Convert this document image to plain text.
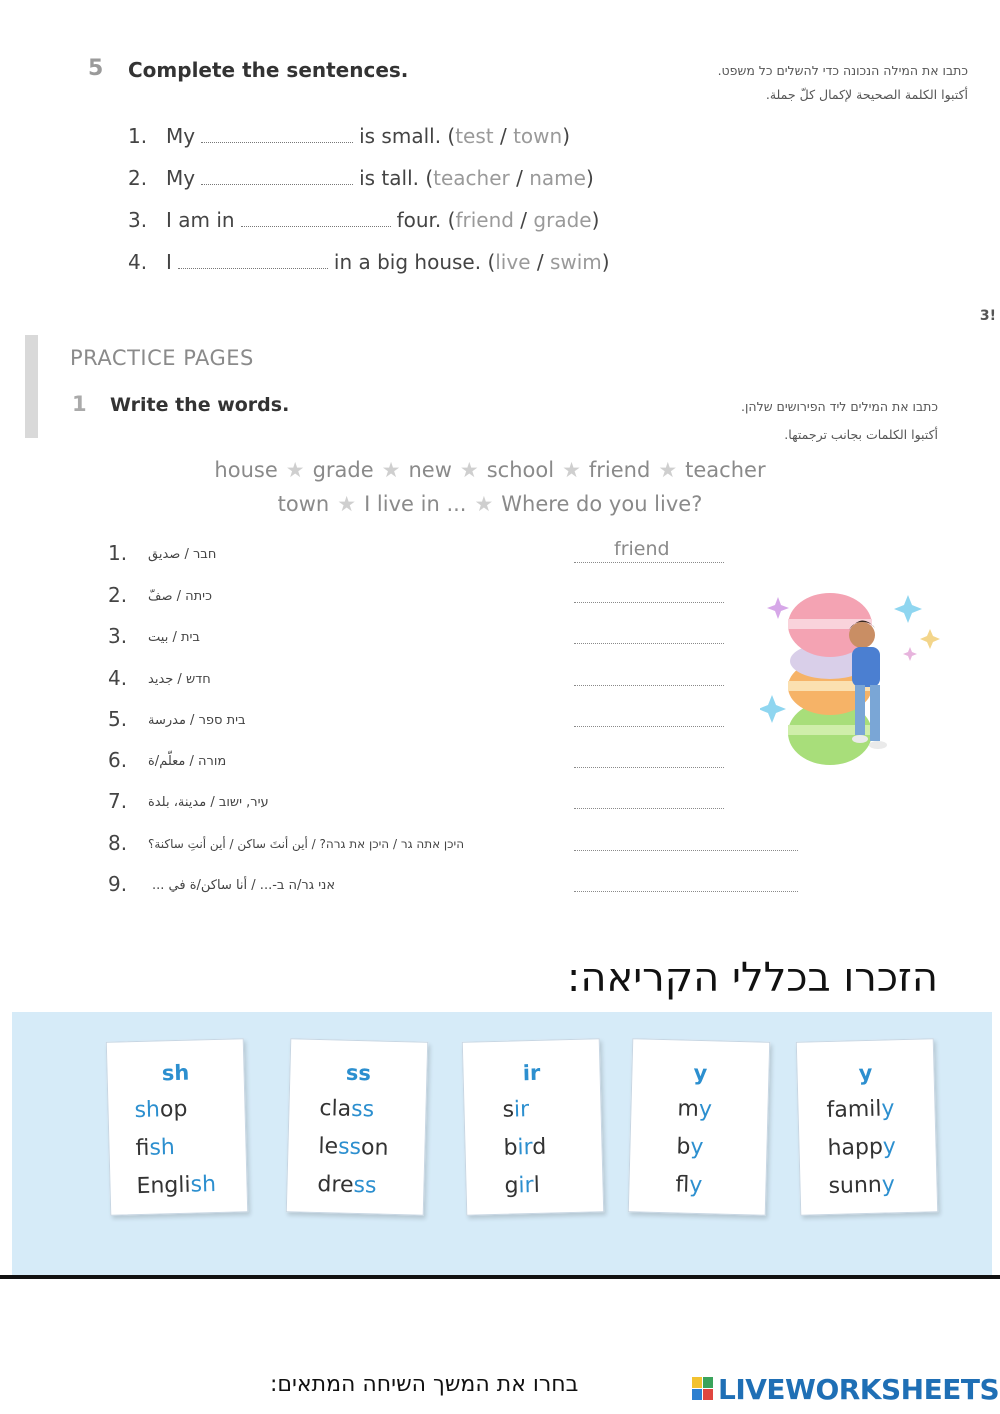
5 Complete the sentences.	כתבו את המילה הנכונה כדי להשלים כל משפט.
أكتبوا الكلمة الصحيحة لإكمال كلّ جملة.
1. My	is small. (test / town)
2. My	is tall. (teacher / name)
3. I am in	four. (friend / grade)
4. I	in a big house. (live / swim)
3!
PRACTICE PAGES
1 Write the words.	כתבו את המילים ליד הפירושים שלהן.
أكتبوا الكلمات بجانب ترجمتها.
house ★ grade ★ new ★ school ★ friend ★ teacher
town ★ I live in ... ★ Where do you live?
1. חבר / صديق	friend
2. כיתה / صفّ
3. בית / بيت
4. חדש / جديد
5. בית ספר / مدرسة
6. מורה / معلّم/ة
7. עיר, ישוב / مدينة، بلدة
8. היכן אתה גר / היכן את גרה? / أين أنتَ ساكن / أين أنتِ ساكنة؟
9. אני גר/ה ב-... / أنا ساكن/ة في ...
הזכרו בכללי הקריאה:
sh
shop
fish
English
ss
class
lesson
dress
ir
sir
bird
girl
y
my
by
fly
y
family
happy
sunny
בחרו את המשך השיחה המתאים:	LIVEWORKSHEETS
